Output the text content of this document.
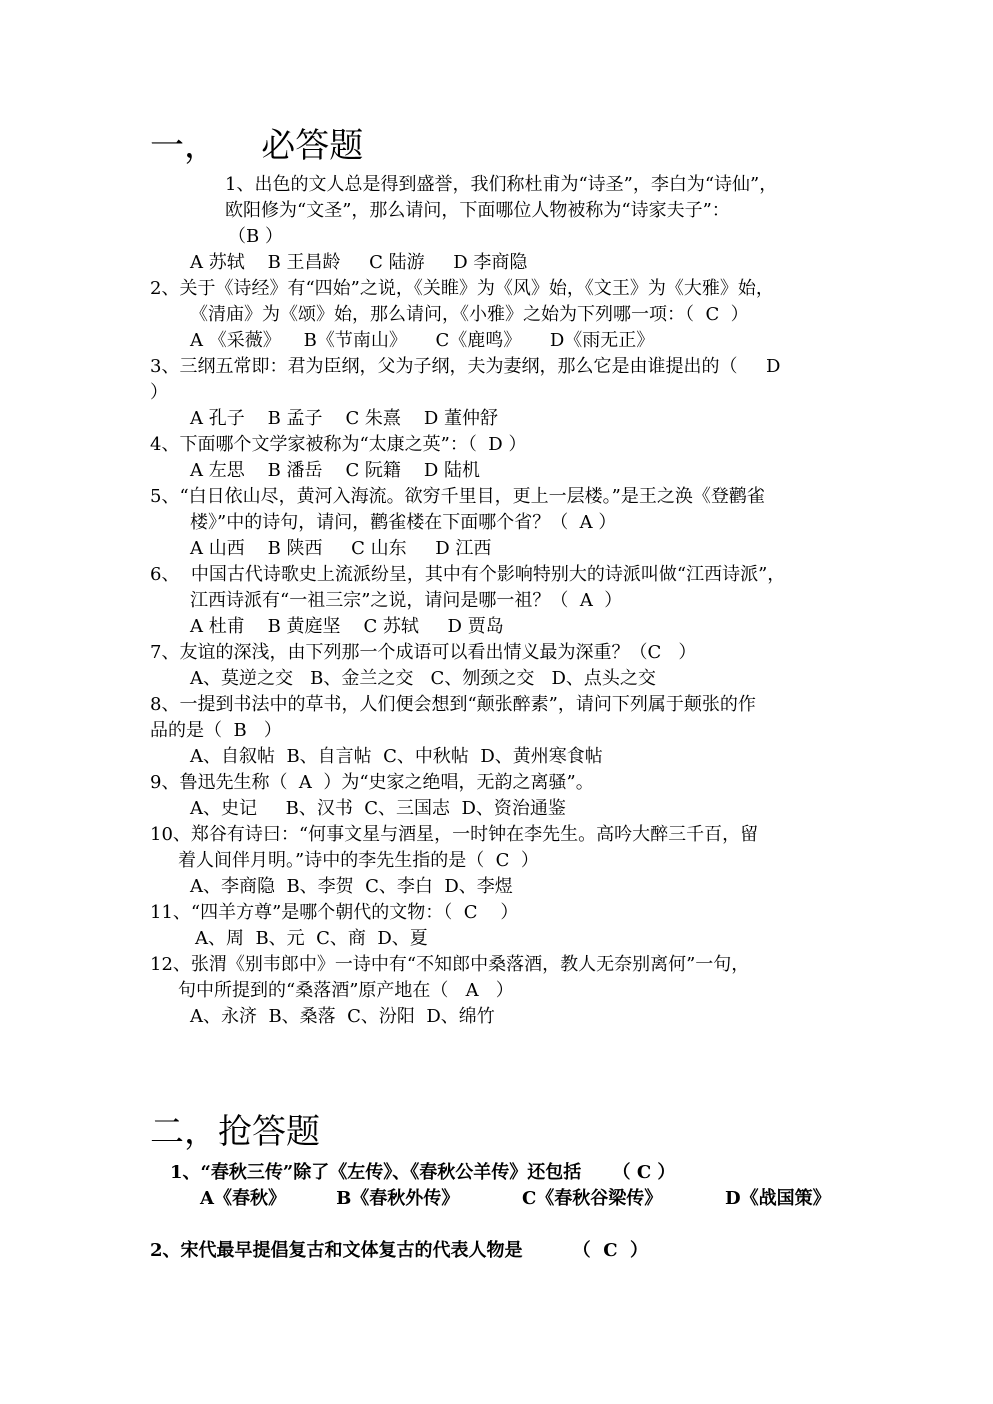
一，    必答题
1、出色的文人总是得到盛誉，我们称杜甫为“诗圣”，李白为“诗仙”，
欧阳修为“文圣”，那么请问，下面哪位人物被称为“诗家夫子”：
（B ）
A 苏轼    B 王昌龄     C 陆游     D 李商隐
2、关于《诗经》有“四始”之说，《关睢》为《风》始，《文王》为《大雅》始，
《清庙》为《颂》始，那么请问，《小雅》之始为下列哪一项：（  C  ）
A 《采薇》    B《节南山》     C《鹿鸣》     D《雨无正》
3、三纲五常即：君为臣纲，父为子纲，夫为妻纲，那么它是由谁提出的（     D
）
A 孔子    B 孟子    C 朱熹    D 董仲舒
4、下面哪个文学家被称为“太康之英”：（  D ）
A 左思    B 潘岳    C 阮籍    D 陆机
5、“白日依山尽，黄河入海流。欲穷千里目，更上一层楼。”是王之涣《登鹳雀
楼》”中的诗句，请问，鹳雀楼在下面哪个省？（  A ）
A 山西    B 陕西     C 山东     D 江西
6、  中国古代诗歌史上流派纷呈，其中有个影响特别大的诗派叫做“江西诗派”，
江西诗派有“一祖三宗”之说，请问是哪一祖？（  A  ）
A 杜甫    B 黄庭坚    C 苏轼     D 贾岛
7、友谊的深浅，由下列那一个成语可以看出情义最为深重？（C   ）
A、莫逆之交   B、金兰之交   C、刎颈之交   D、点头之交
8、一提到书法中的草书，人们便会想到“颠张醉素”，请问下列属于颠张的作
品的是（  B   ）
A、自叙帖  B、自言帖  C、中秋帖  D、黄州寒食帖
9、鲁迅先生称（  A  ）为“史家之绝唱，无韵之离骚”。
A、史记     B、汉书  C、三国志  D、资治通鉴
10、郑谷有诗曰：“何事文星与酒星，一时钟在李先生。高吟大醉三千百，留
着人间伴月明。”诗中的李先生指的是（  C  ）
A、李商隐  B、李贺  C、李白  D、李煜
11、“四羊方尊”是哪个朝代的文物：（  C    ）
A、周  B、元  C、商  D、夏
12、张渭《别韦郎中》一诗中有“不知郎中桑落酒，教人无奈别离何”一句，
句中所提到的“桑落酒”原产地在（   A   ）
A、永济  B、桑落  C、汾阳  D、绵竹
二，抢答题
1、“春秋三传”除了《左传》、《春秋公羊传》还包括     （ C ）
A《春秋》        B《春秋外传》          C《春秋谷梁传》          D《战国策》
2、宋代最早提倡复古和文体复古的代表人物是        （  C  ）
